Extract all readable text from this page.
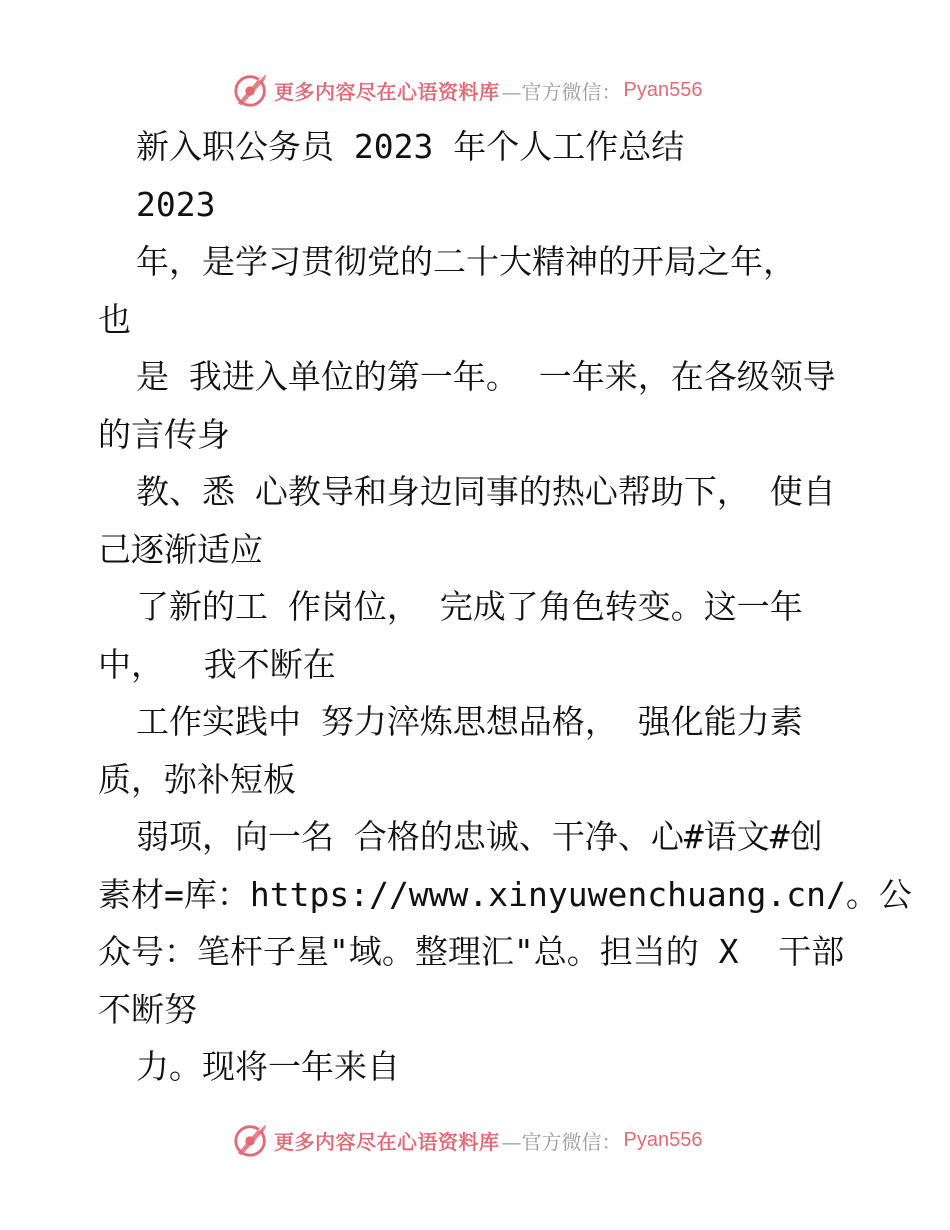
更多内容尽在心语资料库 —官方微信： Pyan556

新入职公务员 2023 年个人工作总结

2023

年，是学习贯彻党的二十大精神的开局之年，

也

是 我进入单位的第一年。 一年来，在各级领导

的言传身

教、悉 心教导和身边同事的热心帮助下， 使自

己逐渐适应

了新的工 作岗位， 完成了角色转变。这一年

中，  我不断在

工作实践中 努力淬炼思想品格， 强化能力素

质，弥补短板

弱项，向一名 合格的忠诚、干净、心#语文#创

素材=库：https://www.xinyuwenchuang.cn/。公

众号：笔杆子星"域。整理汇"总。担当的 X  干部

不断努

力。现将一年来自

更多内容尽在心语资料库 —官方微信： Pyan556
